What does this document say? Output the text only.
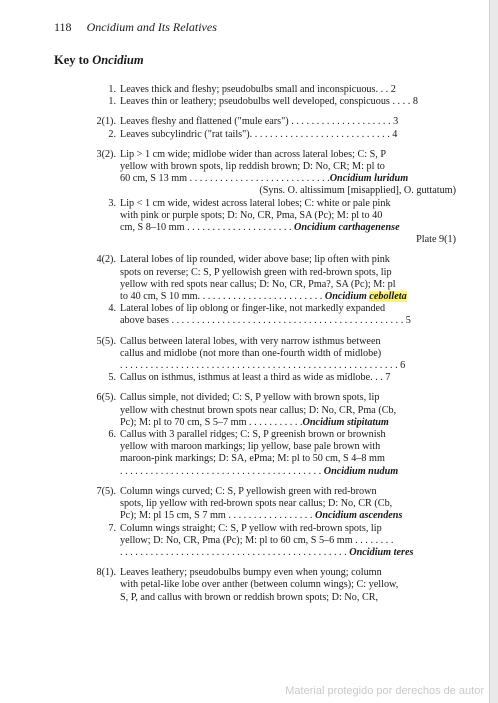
118 Oncidium and Its Relatives
Key to Oncidium
1. Leaves thick and fleshy; pseudobulbs small and inconspicuous. . . 2
1. Leaves thin or leathery; pseudobulbs well developed, conspicuous . . . . 8
2(1). Leaves fleshy and flattened ("mule ears") . . . . . . . . . . . . . . . . . . . . 3
2. Leaves subcylindric ("rat tails"). . . . . . . . . . . . . . . . . . . . . . . . . . . . 4
3(2). Lip > 1 cm wide; midlobe wider than across lateral lobes; C: S, P
yellow with brown spots, lip reddish brown; D: No, CR; M: pl to
60 cm, S 13 mm . . . . . . . . . . . . . . . . . . . . . . . . . . . .Oncidium luridum
(Syns. O. altissimum [misapplied], O. guttatum)
3. Lip < 1 cm wide, widest across lateral lobes; C: white or pale pink
with pink or purple spots; D: No, CR, Pma, SA (Pc); M: pl to 40
cm, S 8–10 mm . . . . . . . . . . . . . . . . . . . . . Oncidium carthagenense
Plate 9(1)
4(2). Lateral lobes of lip rounded, wider above base; lip often with pink
spots on reverse; C: S, P yellowish green with red-brown spots, lip
yellow with red spots near callus; D: No, CR, Pma?, SA (Pc); M: pl
to 40 cm, S 10 mm. . . . . . . . . . . . . . . . . . . . . . . . . Oncidium cebolleta
4. Lateral lobes of lip oblong or finger-like, not markedly expanded
above bases . . . . . . . . . . . . . . . . . . . . . . . . . . . . . . . . . . . . . . . . . . . . . . 5
5(5). Callus between lateral lobes, with very narrow isthmus between
callus and midlobe (not more than one-fourth width of midlobe)
. . . . . . . . . . . . . . . . . . . . . . . . . . . . . . . . . . . . . . . . . . . . . . . . . . . . . . . 6
5. Callus on isthmus, isthmus at least a third as wide as midlobe. . . 7
6(5). Callus simple, not divided; C: S, P yellow with brown spots, lip
yellow with chestnut brown spots near callus; D: No, CR, Pma (Cb,
Pc); M: pl to 70 cm, S 5–7 mm . . . . . . . . . . .Oncidium stipitatum
6. Callus with 3 parallel ridges; C: S, P greenish brown or brownish
yellow with maroon markings; lip yellow, base pale brown with
maroon-pink markings; D: SA, ePma; M: pl to 50 cm, S 4–8 mm
. . . . . . . . . . . . . . . . . . . . . . . . . . . . . . . . . . . . . . . . Oncidium nudum
7(5). Column wings curved; C: S, P yellowish green with red-brown
spots, lip yellow with red-brown spots near callus; D: No, CR (Cb,
Pc); M: pl 15 cm, S 7 mm . . . . . . . . . . . . . . . . . Oncidium ascendens
7. Column wings straight; C: S, P yellow with red-brown spots, lip
yellow; D: No, CR, Pma (Pc); M: pl to 60 cm, S 5–6 mm . . . . . . . .
. . . . . . . . . . . . . . . . . . . . . . . . . . . . . . . . . . . . . . . . . . . . . Oncidium teres
8(1). Leaves leathery; pseudobulbs bumpy even when young; column
with petal-like lobe over anther (between column wings); C: yellow,
S, P, and callus with brown or reddish brown spots; D: No, CR,
Material protegido por derechos de autor
